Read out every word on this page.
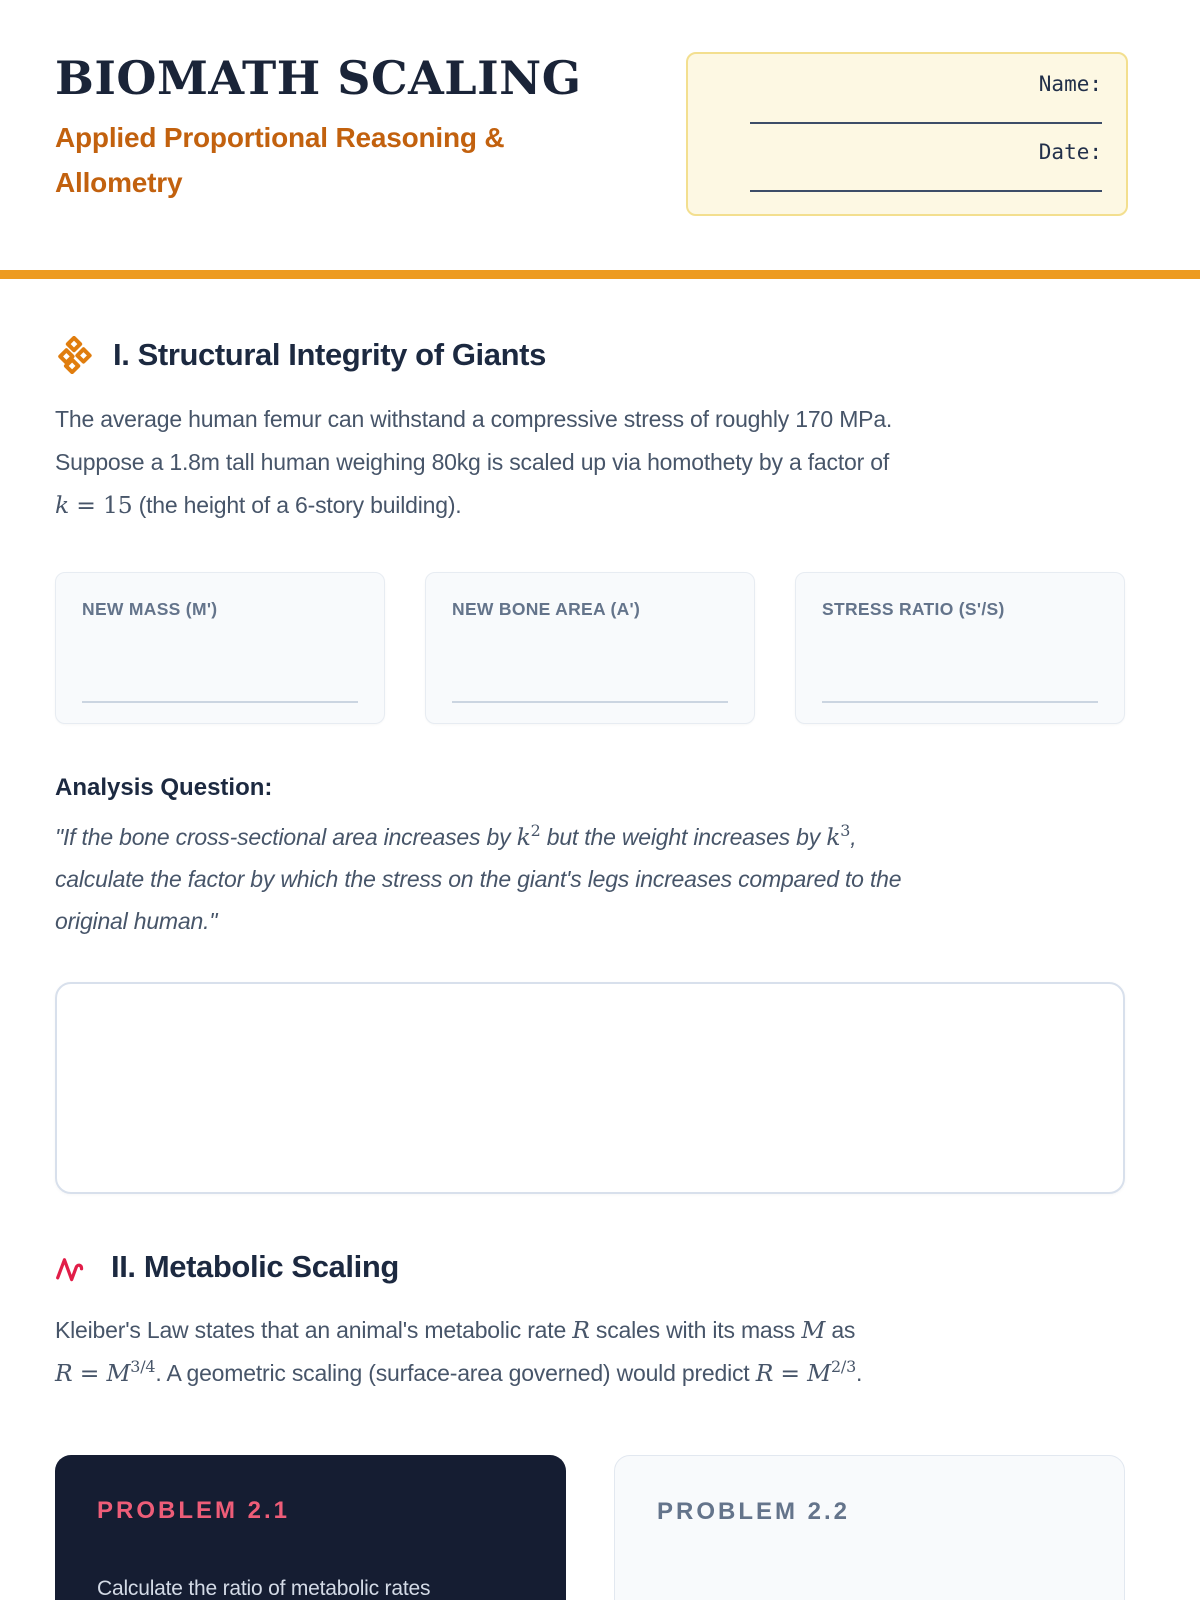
BIOMATH SCALING
Applied Proportional Reasoning & Allometry
Name:
Date:
I. Structural Integrity of Giants

The average human femur can withstand a compressive stress of roughly 170 MPa.
Suppose a 1.8m tall human weighing 80kg is scaled up via homothety by a factor of
k = 15 (the height of a 6-story building).

NEW MASS (M')	NEW BONE AREA (A')	STRESS RATIO (S'/S)
Analysis Question:

"If the bone cross-sectional area increases by $k^2$ but the weight increases by $k^3$,
calculate the factor by which the stress on the giant's legs increases compared to the
original human."

II. Metabolic Scaling

Kleiber's Law states that an animal's metabolic rate R scales with its mass M as
$R = M^{3/4}$. A geometric scaling (surface-area governed) would predict $R = M^{2/3}$.

PROBLEM 2.1
Calculate the ratio of metabolic rates
PROBLEM 2.2
